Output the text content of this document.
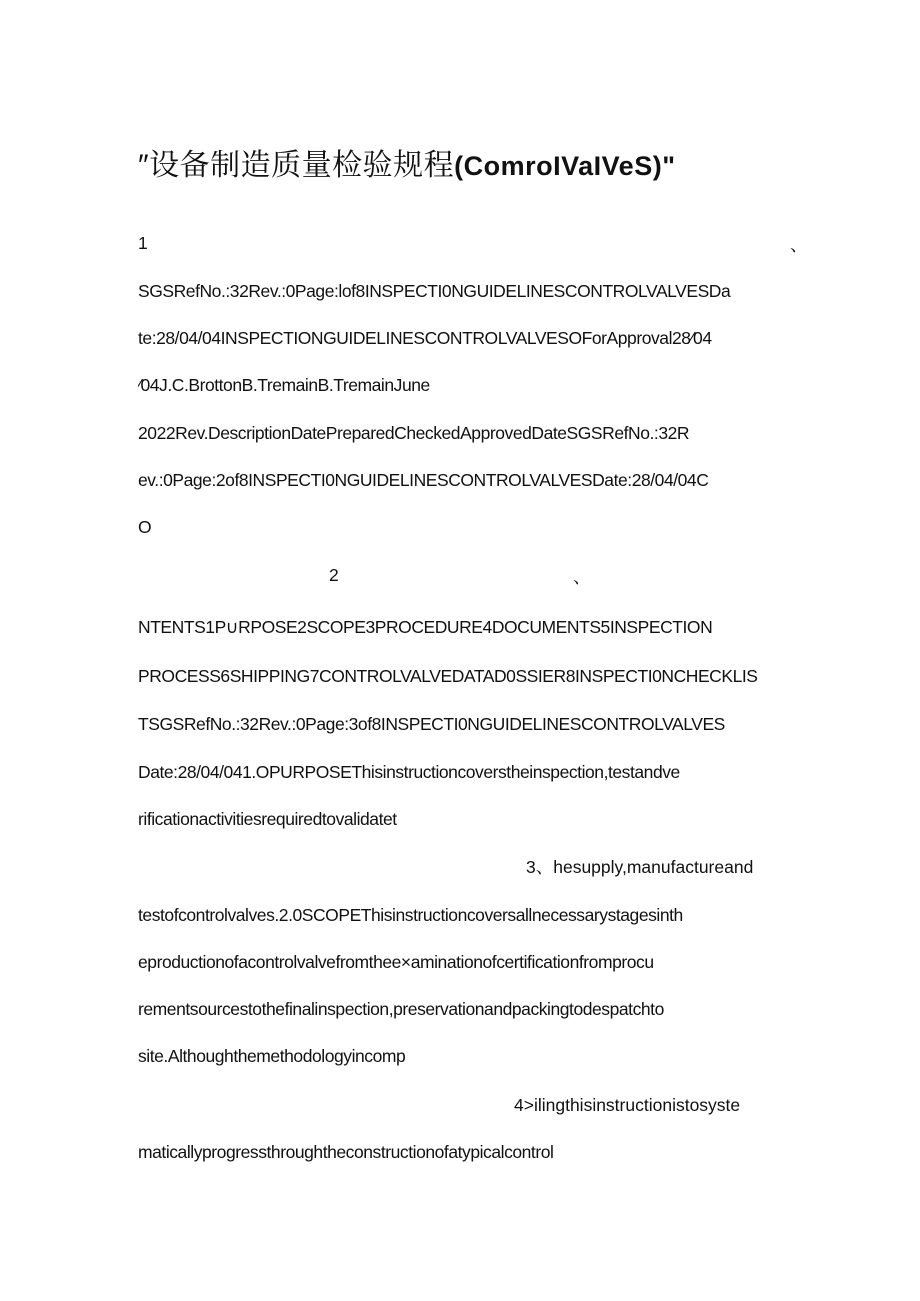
″设备制造质量检验规程(ComroIVaIVeS)"
1	、
SGSRefNo.:32Rev.:0Page:lof8INSPECTI0NGUIDELINESCONTROLVALVESDa
te:28/04/04INSPECTIONGUIDELINESCONTROLVALVESOForApproval28∕04
∕04J.C.BrottonB.TremainB.TremainJune
2022Rev.DescriptionDatePreparedCheckedApprovedDateSGSRefNo.:32R
ev.:0Page:2of8INSPECTI0NGUIDELINESCONTROLVALVESDate:28/04/04C
O
2	、
NTENTS1P∪RPOSE2SCOPE3PROCEDURE4DOCUMENTS5INSPECTION
PROCESS6SHIPPING7CONTROLVALVEDATAD0SSIER8INSPECTI0NCHECKLIS
TSGSRefNo.:32Rev.:0Page:3of8INSPECTI0NGUIDELINESCONTROLVALVES
Date:28/04/041.OPURPOSEThisinstructioncoverstheinspection,testandve
rificationactivitiesrequiredtovalidatet
3、hesupply,manufactureand
testofcontrolvalves.2.0SCOPEThisinstructioncoversallnecessarystagesinth
eproductionofacontrolvalvefromthee×aminationofcertificationfromprocu
rementsourcestothefinalinspection,preservationandpackingtodespatchto
site.Althoughthemethodologyincomp
4>ilingthisinstructionistosyste
maticallyprogressthroughtheconstructionofatypicalcontrol
